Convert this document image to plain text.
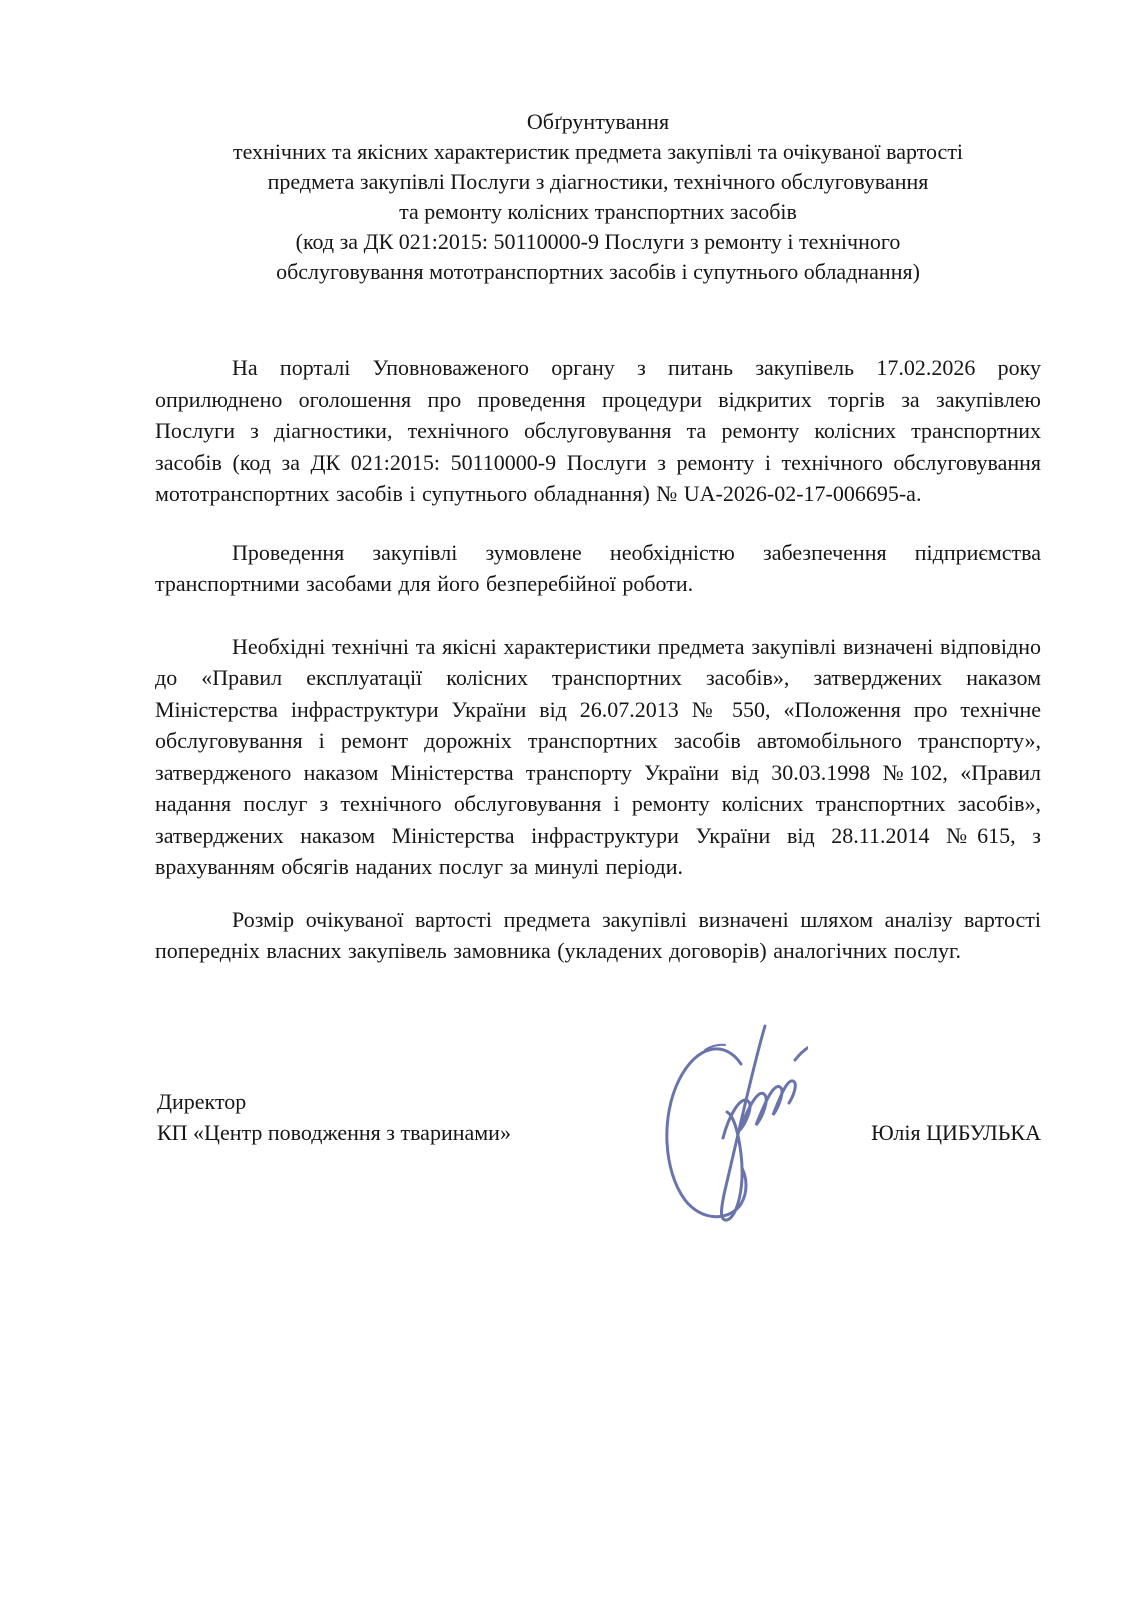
Обґрунтування
технічних та якісних характеристик предмета закупівлі та очікуваної вартості
предмета закупівлі Послуги з діагностики, технічного обслуговування
та ремонту колісних транспортних засобів
(код за ДК 021:2015: 50110000-9 Послуги з ремонту і технічного
обслуговування мототранспортних засобів і супутнього обладнання)

На порталі Уповноваженого органу з питань закупівель 17.02.2026 року оприлюднено оголошення про проведення процедури відкритих торгів за закупівлею Послуги з діагностики, технічного обслуговування та ремонту колісних транспортних засобів (код за ДК 021:2015: 50110000-9 Послуги з ремонту і технічного обслуговування мототранспортних засобів і супутнього обладнання) № UA-2026-02-17-006695-a.

Проведення закупівлі зумовлене необхідністю забезпечення підприємства транспортними засобами для його безперебійної роботи.

Необхідні технічні та якісні характеристики предмета закупівлі визначені відповідно до «Правил експлуатації колісних транспортних засобів», затверджених наказом Міністерства інфраструктури України від 26.07.2013 № 550, «Положення про технічне обслуговування і ремонт дорожніх транспортних засобів автомобільного транспорту», затвердженого наказом Міністерства транспорту України від 30.03.1998 №102, «Правил надання послуг з технічного обслуговування і ремонту колісних транспортних засобів», затверджених наказом Міністерства інфраструктури України від 28.11.2014 №615, з врахуванням обсягів наданих послуг за минулі періоди.

Розмір очікуваної вартості предмета закупівлі визначені шляхом аналізу вартості попередніх власних закупівель замовника (укладених договорів) аналогічних послуг.

Директор
КП «Центр поводження з тваринами»	Юлія ЦИБУЛЬКА
